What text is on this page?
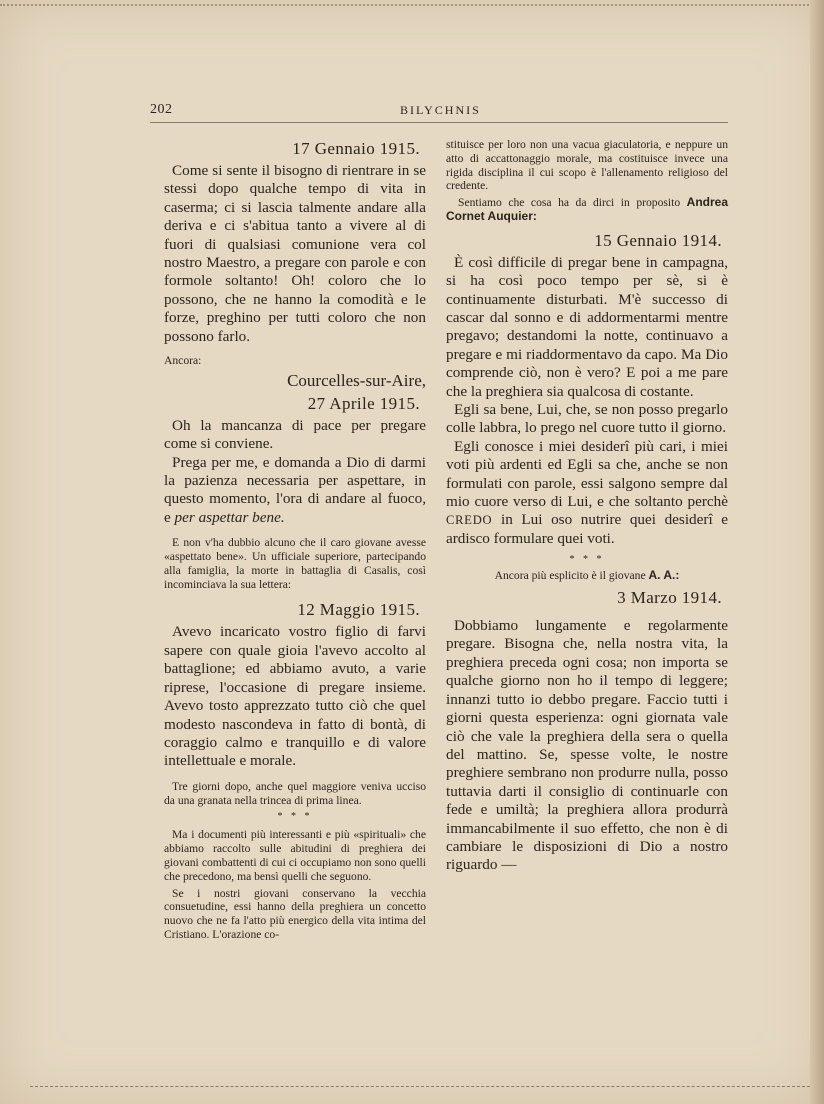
202	BILYCHNIS

17 Gennaio 1915.

Come si sente il bisogno di rientrare in se stessi dopo qualche tempo di vita in caserma; ci si lascia talmente andare alla deriva e ci s'abitua tanto a vivere al di fuori di qualsiasi comunione vera col nostro Maestro, a pregare con parole e con formole soltanto! Oh! coloro che lo possono, che ne hanno la comodità e le forze, preghino per tutti coloro che non possono farlo.

Ancora:

Courcelles-sur-Aire,

27 Aprile 1915.

Oh la mancanza di pace per pregare come si conviene.

Prega per me, e domanda a Dio di darmi la pazienza necessaria per aspettare, in questo momento, l'ora di andare al fuoco, e per aspettar bene.

E non v'ha dubbio alcuno che il caro giovane avesse «aspettato bene». Un ufficiale superiore, partecipando alla famiglia, la morte in battaglia di Casalis, così incominciava la sua lettera:

12 Maggio 1915.

Avevo incaricato vostro figlio di farvi sapere con quale gioia l'avevo accolto al battaglione; ed abbiamo avuto, a varie riprese, l'occasione di pregare insieme. Avevo tosto apprezzato tutto ciò che quel modesto nascondeva in fatto di bontà, di coraggio calmo e tranquillo e di valore intellettuale e morale.

Tre giorni dopo, anche quel maggiore veniva ucciso da una granata nella trincea di prima linea.

* * *

Ma i documenti più interessanti e più «spirituali» che abbiamo raccolto sulle abitudini di preghiera dei giovani combattenti di cui ci occupiamo non sono quelli che precedono, ma bensì quelli che seguono.

Se i nostri giovani conservano la vecchia consuetudine, essi hanno della preghiera un concetto nuovo che ne fa l'atto più energico della vita intima del Cristiano. L'orazione co-

stituisce per loro non una vacua giaculatoria, e neppure un atto di accattonaggio morale, ma costituisce invece una rigida disciplina il cui scopo è l'allenamento religioso del credente.

Sentiamo che cosa ha da dirci in proposito Andrea Cornet Auquier:

15 Gennaio 1914.

È così difficile di pregar bene in campagna, si ha così poco tempo per sè, si è continuamente disturbati. M'è successo di cascar dal sonno e di addormentarmi mentre pregavo; destandomi la notte, continuavo a pregare e mi riaddormentavo da capo. Ma Dio comprende ciò, non è vero? E poi a me pare che la preghiera sia qualcosa di costante.

Egli sa bene, Lui, che, se non posso pregarlo colle labbra, lo prego nel cuore tutto il giorno.

Egli conosce i miei desiderî più cari, i miei voti più ardenti ed Egli sa che, anche se non formulati con parole, essi salgono sempre dal mio cuore verso di Lui, e che soltanto perchè CREDO in Lui oso nutrire quei desiderî e ardisco formulare quei voti.

* * *

Ancora più esplicito è il giovane A. A.:

3 Marzo 1914.

Dobbiamo lungamente e regolarmente pregare. Bisogna che, nella nostra vita, la preghiera preceda ogni cosa; non importa se qualche giorno non ho il tempo di leggere; innanzi tutto io debbo pregare. Faccio tutti i giorni questa esperienza: ogni giornata vale ciò che vale la preghiera della sera o quella del mattino. Se, spesse volte, le nostre preghiere sembrano non produrre nulla, posso tuttavia darti il consiglio di continuarle con fede e umiltà; la preghiera allora produrrà immancabilmente il suo effetto, che non è di cambiare le disposizioni di Dio a nostro riguardo —
